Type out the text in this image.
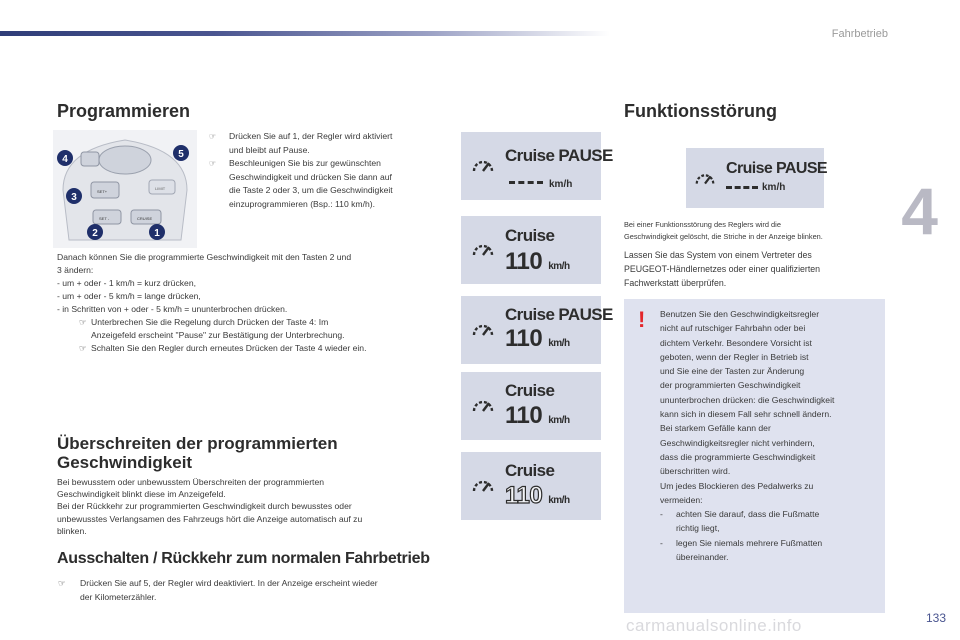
Fahrbetrieb
4
Programmieren
SET+
SET -	CRUISE
LIMIT
1
2
3
4	5
☞ Drücken Sie auf 1, der Regler wird aktiviert
und bleibt auf Pause.
☞ Beschleunigen Sie bis zur gewünschten
Geschwindigkeit und drücken Sie dann auf
die Taste 2 oder 3, um die Geschwindigkeit
einzuprogrammieren (Bsp.: 110 km/h).
Danach können Sie die programmierte Geschwindigkeit mit den Tasten 2 und
3 ändern:
- um + oder - 1 km/h = kurz drücken,
- um + oder - 5 km/h = lange drücken,
- in Schritten von + oder - 5 km/h = ununterbrochen drücken.
☞ Unterbrechen Sie die Regelung durch Drücken der Taste 4: Im
Anzeigefeld erscheint "Pause" zur Bestätigung der Unterbrechung.
☞ Schalten Sie den Regler durch erneutes Drücken der Taste 4 wieder ein.
Cruise PAUSE
km/h
Cruise
110 km/h
Cruise PAUSE
110 km/h
Cruise
110 km/h
Cruise
110 km/h
Überschreiten der programmierten
Geschwindigkeit
Bei bewusstem oder unbewusstem Überschreiten der programmierten
Geschwindigkeit blinkt diese im Anzeigefeld.
Bei der Rückkehr zur programmierten Geschwindigkeit durch bewusstes oder
unbewusstes Verlangsamen des Fahrzeugs hört die Anzeige automatisch auf zu
blinken.
Ausschalten / Rückkehr zum normalen Fahrbetrieb
☞ Drücken Sie auf 5, der Regler wird deaktiviert. In der Anzeige erscheint wieder
der Kilometerzähler.
Funktionsstörung
Cruise PAUSE
km/h
Bei einer Funktionsstörung des Reglers wird die
Geschwindigkeit gelöscht, die Striche in der Anzeige blinken.
Lassen Sie das System von einem Vertreter des
PEUGEOT-Händlernetzes oder einer qualifizierten
Fachwerkstatt überprüfen.
! Benutzen Sie den Geschwindigkeitsregler
nicht auf rutschiger Fahrbahn oder bei
dichtem Verkehr. Besondere Vorsicht ist
geboten, wenn der Regler in Betrieb ist
und Sie eine der Tasten zur Änderung
der programmierten Geschwindigkeit
ununterbrochen drücken: die Geschwindigkeit
kann sich in diesem Fall sehr schnell ändern.
Bei starkem Gefälle kann der
Geschwindigkeitsregler nicht verhindern,
dass die programmierte Geschwindigkeit
überschritten wird.
Um jedes Blockieren des Pedalwerks zu
vermeiden:
- achten Sie darauf, dass die Fußmatte
richtig liegt,
- legen Sie niemals mehrere Fußmatten
übereinander.
carmanualsonline.info	133
